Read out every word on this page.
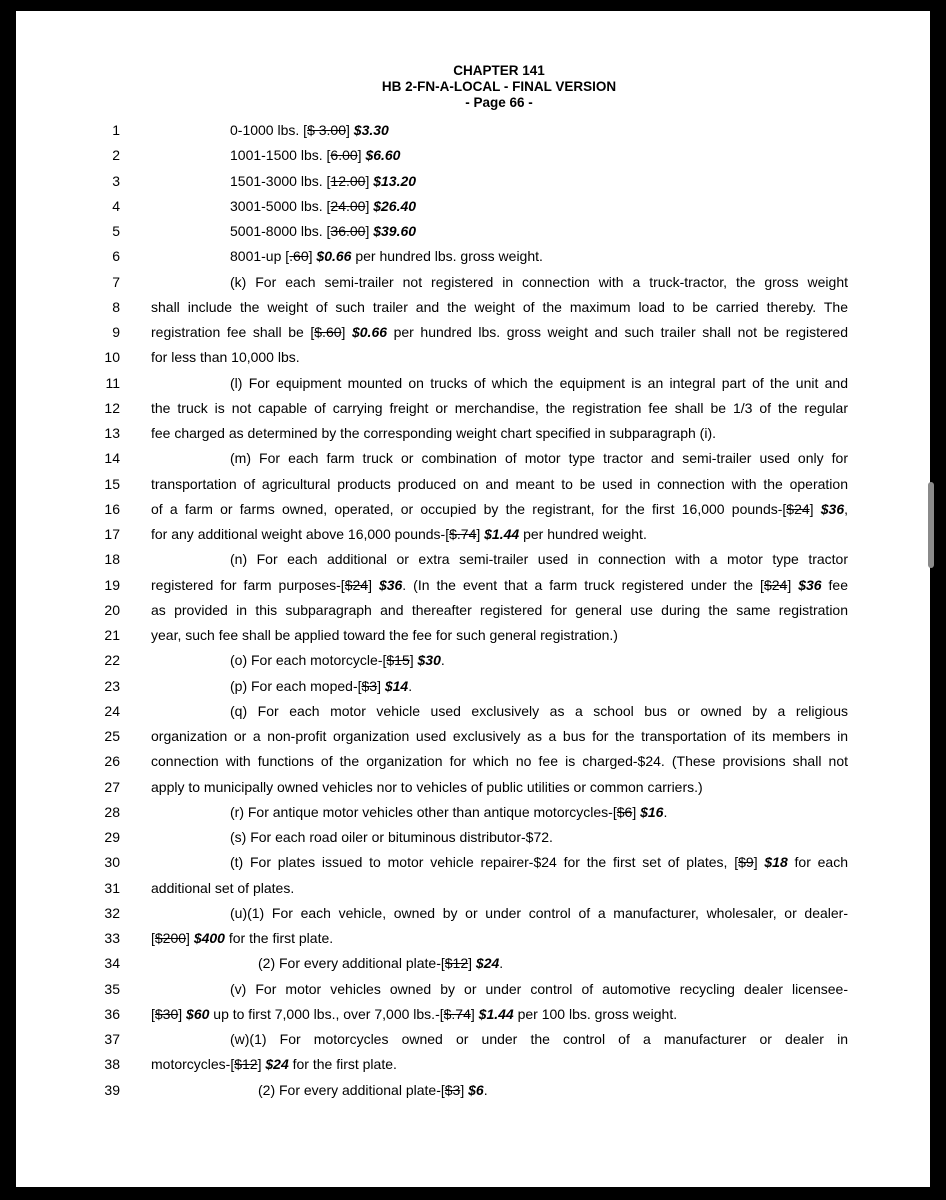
CHAPTER 141
HB 2-FN-A-LOCAL - FINAL VERSION
- Page 66 -
1	0-1000 lbs. [$ 3.00] $3.30
2	1001-1500 lbs. [6.00] $6.60
3	1501-3000 lbs. [12.00] $13.20
4	3001-5000 lbs. [24.00] $26.40
5	5001-8000 lbs. [36.00] $39.60
6	8001-up [.60] $0.66 per hundred lbs. gross weight.
7	(k) For each semi-trailer not registered in connection with a truck-tractor, the gross weight
8 shall include the weight of such trailer and the weight of the maximum load to be carried thereby. The
9 registration fee shall be [$.60] $0.66 per hundred lbs. gross weight and such trailer shall not be registered
10 for less than 10,000 lbs.
11	(l) For equipment mounted on trucks of which the equipment is an integral part of the unit and
12 the truck is not capable of carrying freight or merchandise, the registration fee shall be 1/3 of the regular
13 fee charged as determined by the corresponding weight chart specified in subparagraph (i).
14	(m) For each farm truck or combination of motor type tractor and semi-trailer used only for
15 transportation of agricultural products produced on and meant to be used in connection with the operation
16 of a farm or farms owned, operated, or occupied by the registrant, for the first 16,000 pounds-[$24] $36,
17 for any additional weight above 16,000 pounds-[$.74] $1.44 per hundred weight.
18	(n) For each additional or extra semi-trailer used in connection with a motor type tractor
19 registered for farm purposes-[$24] $36. (In the event that a farm truck registered under the [$24] $36 fee
20 as provided in this subparagraph and thereafter registered for general use during the same registration
21 year, such fee shall be applied toward the fee for such general registration.)
22	(o) For each motorcycle-[$15] $30.
23	(p) For each moped-[$3] $14.
24	(q) For each motor vehicle used exclusively as a school bus or owned by a religious
25 organization or a non-profit organization used exclusively as a bus for the transportation of its members in
26 connection with functions of the organization for which no fee is charged-$24. (These provisions shall not
27 apply to municipally owned vehicles nor to vehicles of public utilities or common carriers.)
28	(r) For antique motor vehicles other than antique motorcycles-[$6] $16.
29	(s) For each road oiler or bituminous distributor-$72.
30	(t) For plates issued to motor vehicle repairer-$24 for the first set of plates, [$9] $18 for each
31 additional set of plates.
32	(u)(1) For each vehicle, owned by or under control of a manufacturer, wholesaler, or dealer-
33 [$200] $400 for the first plate.
34	(2) For every additional plate-[$12] $24.
35	(v) For motor vehicles owned by or under control of automotive recycling dealer licensee-
36 [$30] $60 up to first 7,000 lbs., over 7,000 lbs.-[$.74] $1.44 per 100 lbs. gross weight.
37	(w)(1) For motorcycles owned or under the control of a manufacturer or dealer in
38 motorcycles-[$12] $24 for the first plate.
39	(2) For every additional plate-[$3] $6.
